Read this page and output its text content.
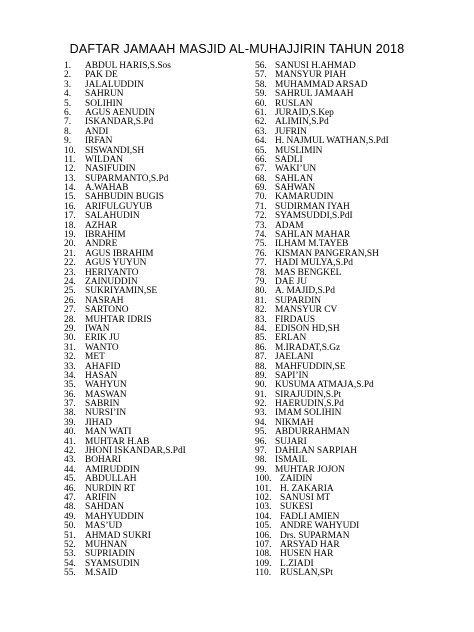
DAFTAR JAMAAH MASJID AL-MUHAJJIRIN TAHUN 2018
1.	ABDUL HARIS,S.Sos
2.	PAK DE
3.	JALALUDDIN
4.	SAHRUN
5.	SOLIHIN
6.	AGUS AENUDIN
7.	ISKANDAR,S.Pd
8.	ANDI
9.	IRFAN
10. SISWANDI,SH
11.	WILDAN
12. NASIFUDIN
13. SUPARMANTO,S.Pd
14. A.WAHAB
15. SAHBUDIN BUGIS
16. ARIFULGUYUB
17. SALAHUDIN
18. AZHAR
19. IBRAHIM
20. ANDRE
21. AGUS IBRAHIM
22. AGUS YUYUN
23. HERIYANTO
24. ZAINUDDIN
25. SUKRIYAMIN,SE
26. NASRAH
27. SARTONO
28. MUHTAR IDRIS
29. IWAN
30. ERIK JU
31. WANTO
32. MET
33. AHAFID
34. HASAN
35. WAHYUN
36. MASWAN
37. SABRIN
38. NURSI’IN
39. JIHAD
40. MAN WATI
41. MUHTAR H.AB
42. JHONI ISKANDAR,S.PdI
43. BOHARI
44. AMIRUDDIN
45. ABDULLAH
46. NURDIN RT
47. ARIFIN
48. SAHDAN
49. MAHYUDDIN
50. MAS’UD
51. AHMAD SUKRI
52. MUHNAN
53. SUPRIADIN
54. SYAMSUDIN
55. M.SAID
56. SANUSI H.AHMAD
57. MANSYUR PIAH
58. MUHAMMAD ARSAD
59. SAHRUL JAMAAH
60. RUSLAN
61. JURAID,S.Kep
62. ALIMIN,S.Pd
63. JUFRIN
64. H. NAJMUL WATHAN,S.PdI
65. MUSLIMIN
66. SADLI
67. WAKI’UN
68. SAHLAN
69. SAHWAN
70. KAMARUDIN
71. SUDIRMAN IYAH
72. SYAMSUDDI,S.PdI
73. ADAM
74. SAHLAN MAHAR
75. ILHAM M.TAYEB
76. KISMAN PANGERAN,SH
77. HADI MULYA,S.Pd
78. MAS BENGKEL
79. DAE JU
80. A. MAJID,S.Pd
81. SUPARDIN
82. MANSYUR CV
83. FIRDAUS
84. EDISON HD,SH
85. ERLAN
86. M.IRADAT,S.Gz
87. JAELANI
88. MAHFUDDIN,SE
89. SAPI’IN
90. KUSUMA ATMAJA,S.Pd
91. SIRAJUDIN,S.Pt
92. HAERUDIN,S.Pd
93. IMAM SOLIHIN
94. NIKMAH
95. ABDURRAHMAN
96. SUJARI
97. DAHLAN SARPIAH
98. ISMAIL
99. MUHTAR JOJON
100. ZAIDIN
101. H. ZAKARIA
102. SANUSI MT
103. SUKESI
104. FADLI AMIEN
105. ANDRE WAHYUDI
106. Drs. SUPARMAN
107. ARSYAD HAR
108. HUSEN HAR
109. L.ZIADI
110. RUSLAN,SPt
